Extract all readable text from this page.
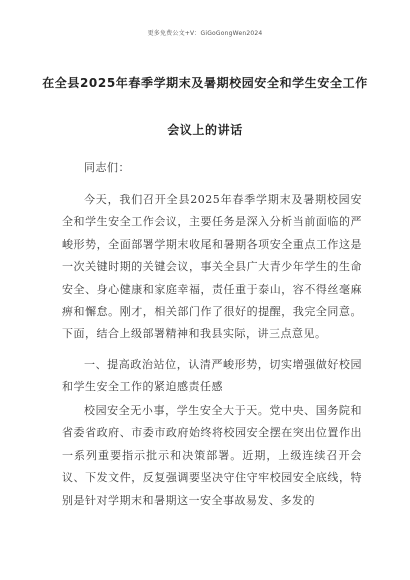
更多免费公文+V：GiGoGongWen2024
在全县2025年春季学期末及暑期校园安全和学生安全工作
会议上的讲话
同志们：
今天，我们召开全县2025年春季学期末及暑期校园安全和学生安全工作会议，主要任务是深入分析当前面临的严峻形势，全面部署学期末收尾和暑期各项安全重点工作这是一次关键时期的关键会议，事关全县广大青少年学生的生命安全、身心健康和家庭幸福，责任重于泰山，容不得丝毫麻痹和懈怠。刚才，相关部门作了很好的提醒，我完全同意。下面，结合上级部署精神和我县实际，讲三点意见。
一、提高政治站位，认清严峻形势，切实增强做好校园和学生安全工作的紧迫感责任感
校园安全无小事，学生安全大于天。党中央、国务院和省委省政府、市委市政府始终将校园安全摆在突出位置作出一系列重要指示批示和决策部署。近期，上级连续召开会议、下发文件，反复强调要坚决守住守牢校园安全底线，特别是针对学期末和暑期这一安全事故易发、多发的
